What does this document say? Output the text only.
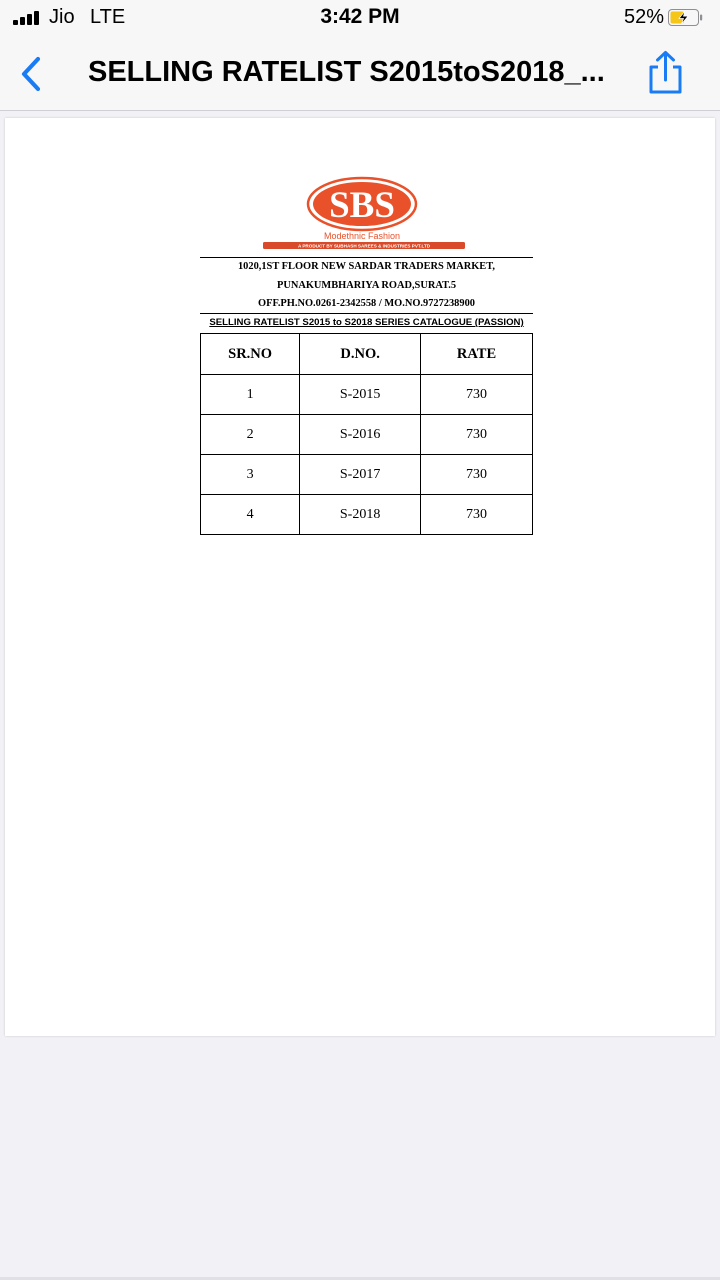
Jio LTE	3:42 PM	52%
SELLING RATELIST S2015toS2018_...
SBS
Modethnic Fashion
A PRODUCT BY SUBHASH SAREES & INDUSTRIES PVT.LTD
1020,1ST FLOOR NEW SARDAR TRADERS MARKET,
PUNAKUMBHARIYA ROAD,SURAT.5
OFF.PH.NO.0261-2342558 / MO.NO.9727238900
SELLING RATELIST S2015 to S2018 SERIES CATALOGUE (PASSION)
SR.NO	D.NO.	RATE
1	S-2015	730
2	S-2016	730
3	S-2017	730
4	S-2018	730
